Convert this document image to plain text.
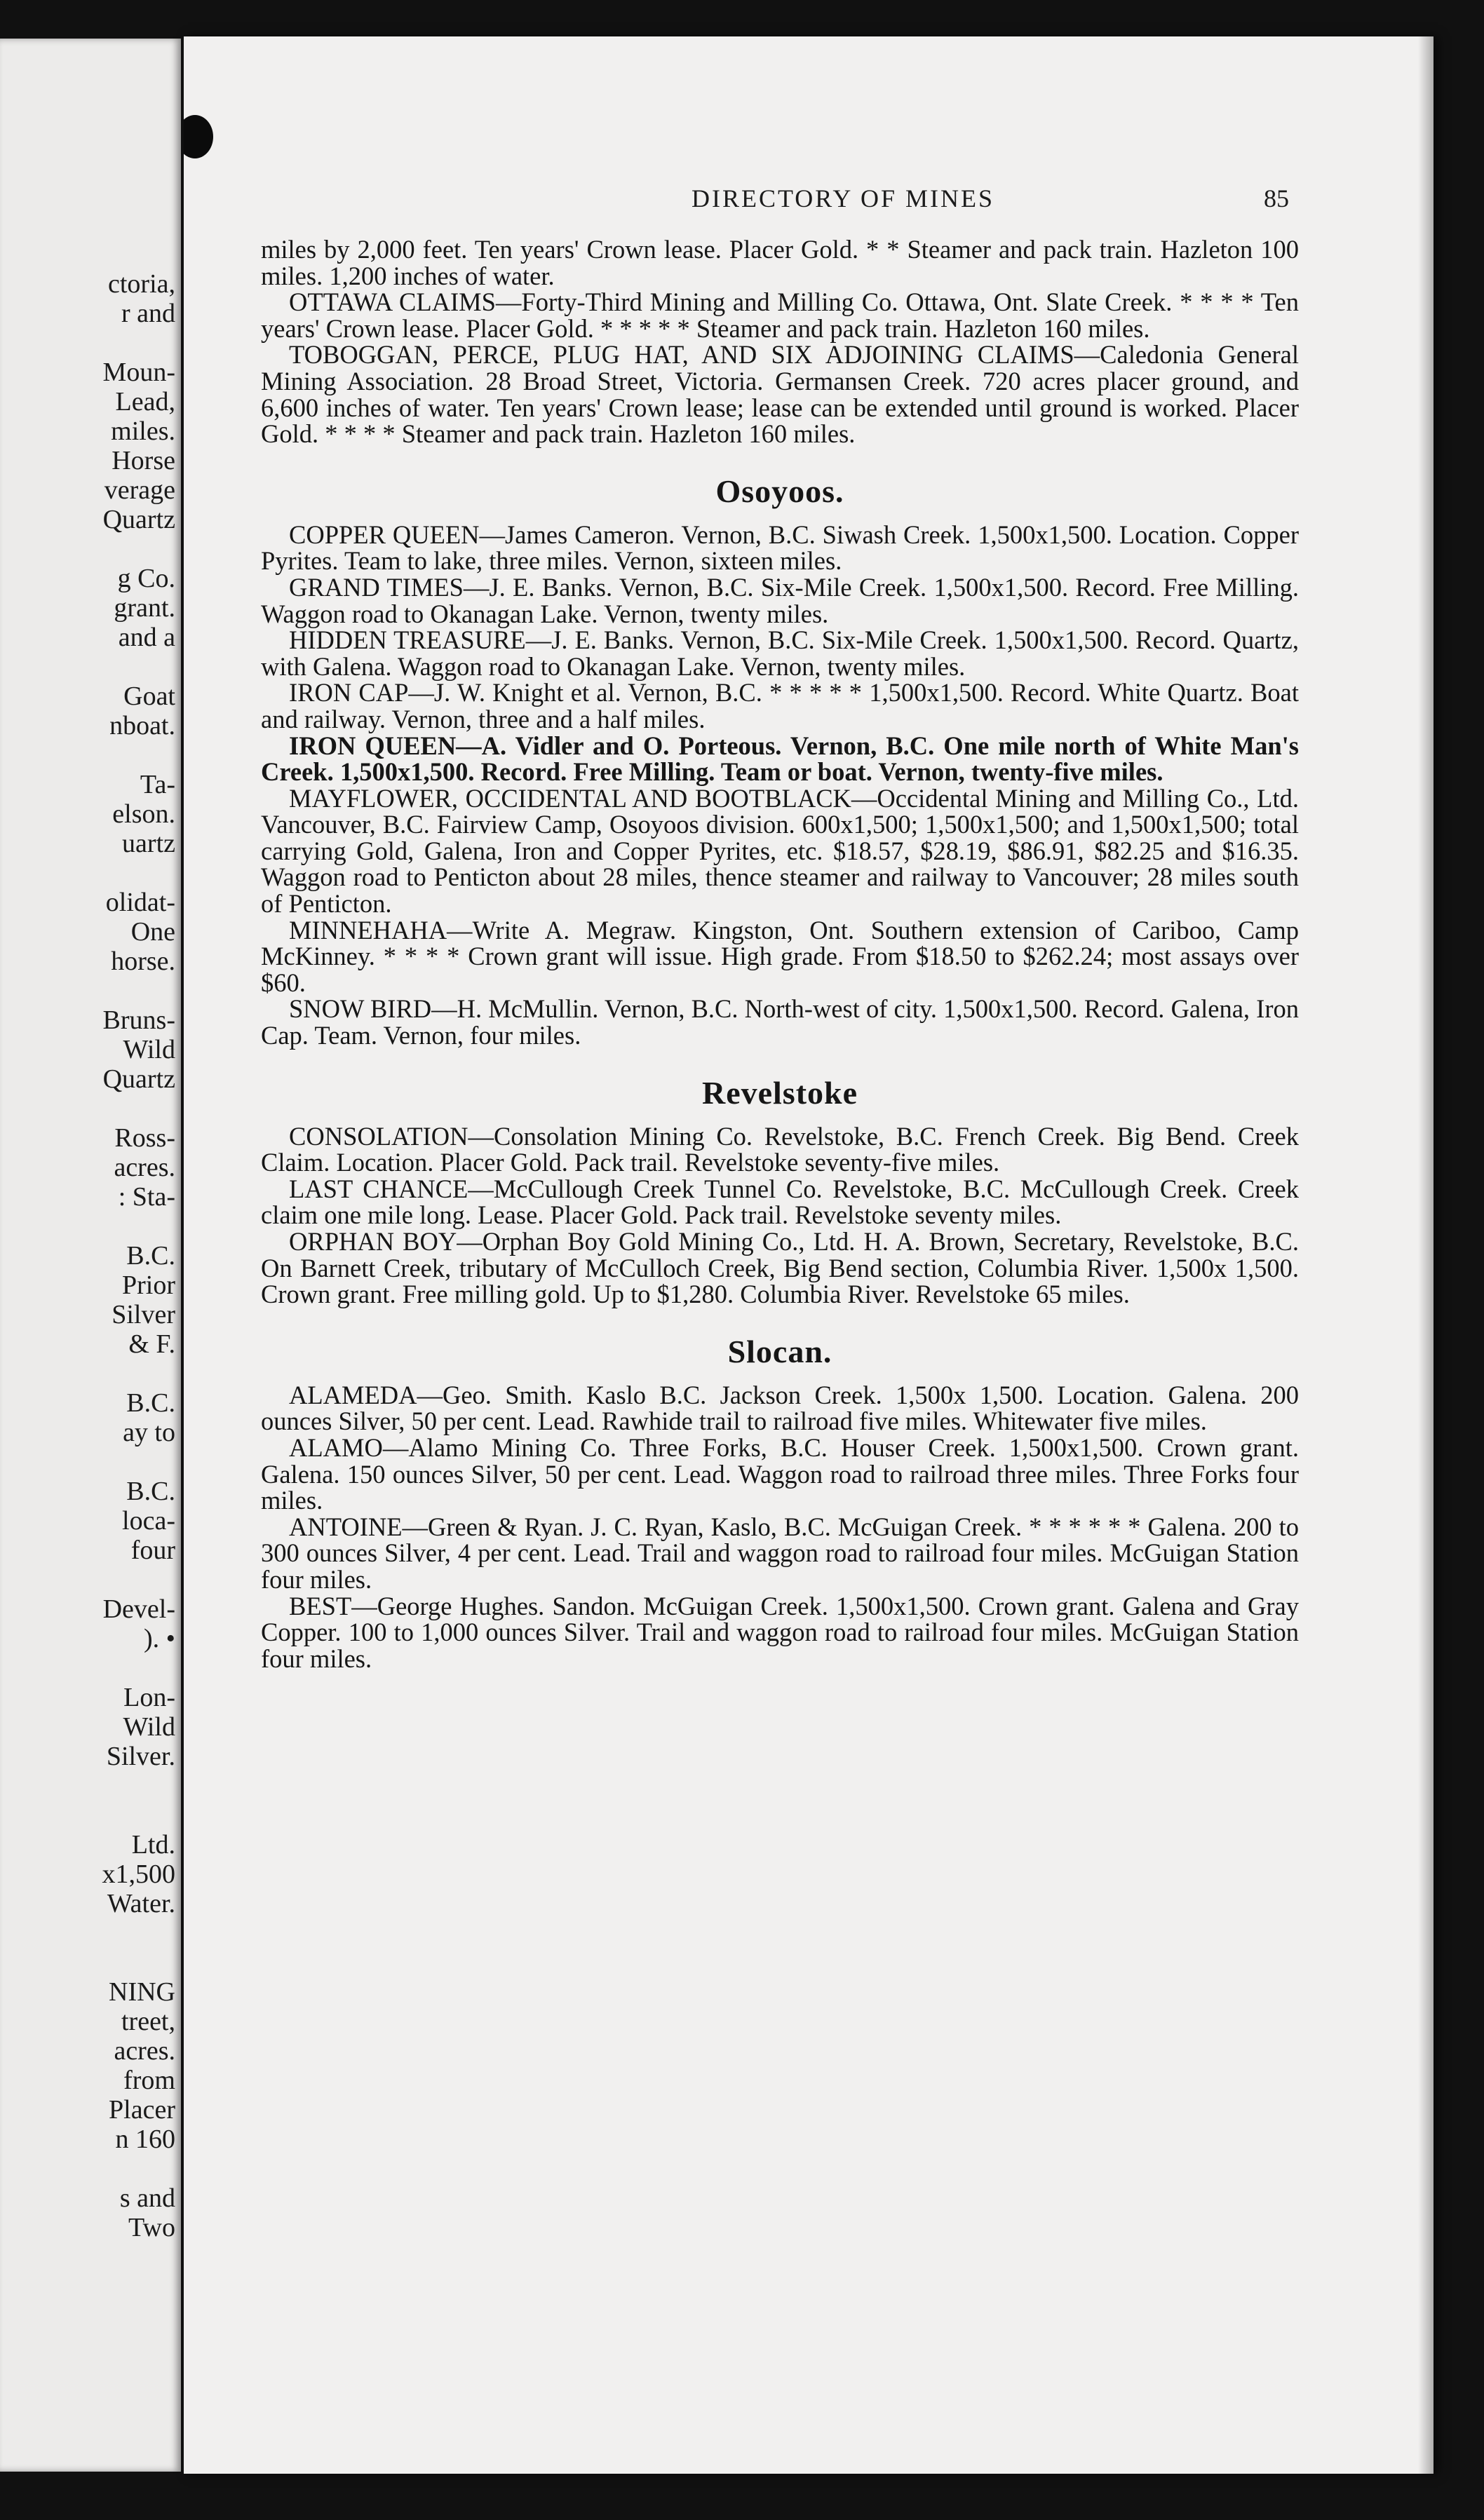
ctoria,
r and
Moun-
Lead,
miles.
Horse
verage
Quartz
g Co.
grant.
and a
Goat
nboat.
Ta-
elson.
uartz
olidat-
One
horse.
Bruns-
Wild
Quartz
Ross-
acres.
: Sta-
B.C.
Prior
Silver
& F.
B.C.
ay to
B.C.
loca-
four
Devel-
). •
Lon-
Wild
Silver.
Ltd.
x1,500
Water.
NING
treet,
acres.
from
Placer
n 160
s and
Two
DIRECTORY OF MINES	85

miles by 2,000 feet. Ten years' Crown lease. Placer Gold. * * Steamer and pack train. Hazleton 100 miles. 1,200 inches of water.

OTTAWA CLAIMS—Forty-Third Mining and Milling Co. Ottawa, Ont. Slate Creek. * * * * Ten years' Crown lease. Placer Gold. * * * * * Steamer and pack train. Hazleton 160 miles.

TOBOGGAN, PERCE, PLUG HAT, AND SIX ADJOINING CLAIMS—Caledonia General Mining Association. 28 Broad Street, Victoria. Germansen Creek. 720 acres placer ground, and 6,600 inches of water. Ten years' Crown lease; lease can be extended until ground is worked. Placer Gold. * * * * Steamer and pack train. Hazleton 160 miles.

Osoyoos.

COPPER QUEEN—James Cameron. Vernon, B.C. Siwash Creek. 1,500x1,500. Location. Copper Pyrites. Team to lake, three miles. Vernon, sixteen miles.

GRAND TIMES—J. E. Banks. Vernon, B.C. Six-Mile Creek. 1,500x1,500. Record. Free Milling. Waggon road to Okanagan Lake. Vernon, twenty miles.

HIDDEN TREASURE—J. E. Banks. Vernon, B.C. Six-Mile Creek. 1,500x1,500. Record. Quartz, with Galena. Waggon road to Okanagan Lake. Vernon, twenty miles.

IRON CAP—J. W. Knight et al. Vernon, B.C. * * * * * 1,500x1,500. Record. White Quartz. Boat and railway. Vernon, three and a half miles.

IRON QUEEN—A. Vidler and O. Porteous. Vernon, B.C. One mile north of White Man's Creek. 1,500x1,500. Record. Free Milling. Team or boat. Vernon, twenty-five miles.

MAYFLOWER, OCCIDENTAL AND BOOTBLACK—Occidental Mining and Milling Co., Ltd. Vancouver, B.C. Fairview Camp, Osoyoos division. 600x1,500; 1,500x1,500; and 1,500x1,500; total carrying Gold, Galena, Iron and Copper Pyrites, etc. $18.57, $28.19, $86.91, $82.25 and $16.35. Waggon road to Penticton about 28 miles, thence steamer and railway to Vancouver; 28 miles south of Penticton.

MINNEHAHA—Write A. Megraw. Kingston, Ont. Southern extension of Cariboo, Camp McKinney. * * * * Crown grant will issue. High grade. From $18.50 to $262.24; most assays over $60.

SNOW BIRD—H. McMullin. Vernon, B.C. North-west of city. 1,500x1,500. Record. Galena, Iron Cap. Team. Vernon, four miles.

Revelstoke

CONSOLATION—Consolation Mining Co. Revelstoke, B.C. French Creek. Big Bend. Creek Claim. Location. Placer Gold. Pack trail. Revelstoke seventy-five miles.

LAST CHANCE—McCullough Creek Tunnel Co. Revelstoke, B.C. McCullough Creek. Creek claim one mile long. Lease. Placer Gold. Pack trail. Revelstoke seventy miles.

ORPHAN BOY—Orphan Boy Gold Mining Co., Ltd. H. A. Brown, Secretary, Revelstoke, B.C. On Barnett Creek, tributary of McCulloch Creek, Big Bend section, Columbia River. 1,500x 1,500. Crown grant. Free milling gold. Up to $1,280. Columbia River. Revelstoke 65 miles.

Slocan.

ALAMEDA—Geo. Smith. Kaslo B.C. Jackson Creek. 1,500x 1,500. Location. Galena. 200 ounces Silver, 50 per cent. Lead. Rawhide trail to railroad five miles. Whitewater five miles.

ALAMO—Alamo Mining Co. Three Forks, B.C. Houser Creek. 1,500x1,500. Crown grant. Galena. 150 ounces Silver, 50 per cent. Lead. Waggon road to railroad three miles. Three Forks four miles.

ANTOINE—Green & Ryan. J. C. Ryan, Kaslo, B.C. McGuigan Creek. * * * * * * Galena. 200 to 300 ounces Silver, 4 per cent. Lead. Trail and waggon road to railroad four miles. McGuigan Station four miles.

BEST—George Hughes. Sandon. McGuigan Creek. 1,500x1,500. Crown grant. Galena and Gray Copper. 100 to 1,000 ounces Silver. Trail and waggon road to railroad four miles. McGuigan Station four miles.
